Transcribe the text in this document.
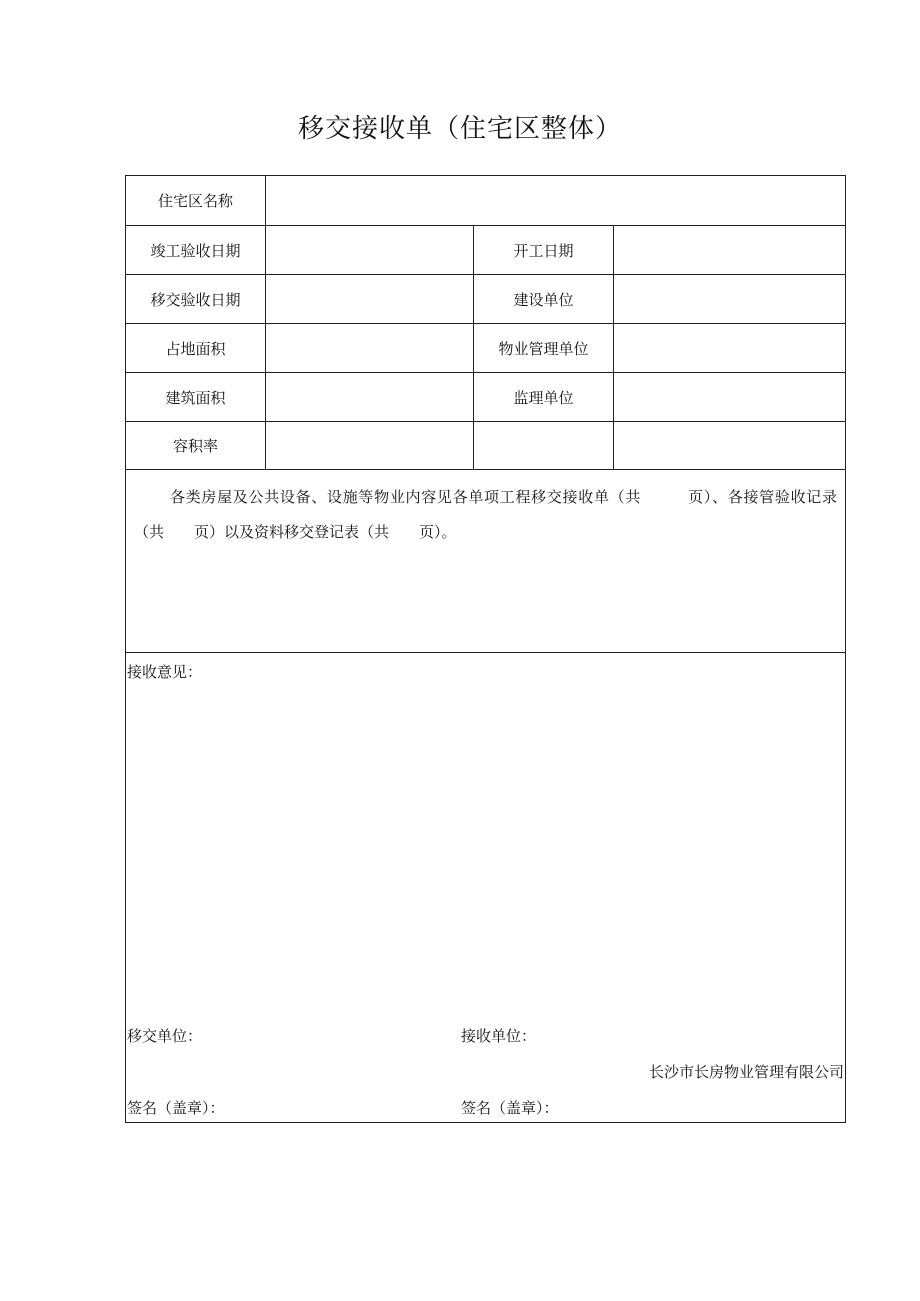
移交接收单（住宅区整体）
住宅区名称
竣工验收日期	开工日期
移交验收日期	建设单位
占地面积	物业管理单位
建筑面积	监理单位
容积率
各类房屋及公共设备、设施等物业内容见各单项工程移交接收单（共　　　页）、各接管验收记录（共　　页）以及资料移交登记表（共　　页）。
接收意见：
移交单位：	接收单位：
长沙市长房物业管理有限公司
签名（盖章）：	签名（盖章）：
